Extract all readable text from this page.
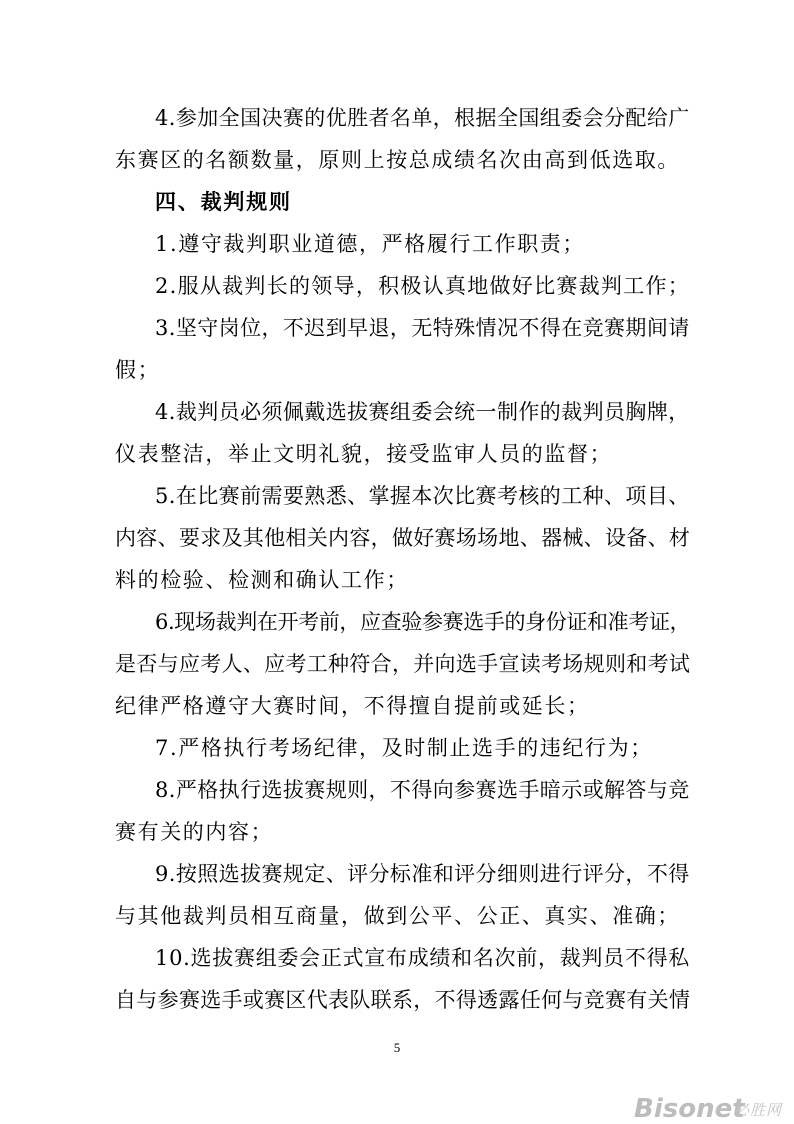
4.参加全国决赛的优胜者名单，根据全国组委会分配给广
东赛区的名额数量，原则上按总成绩名次由高到低选取。
四、裁判规则
1.遵守裁判职业道德，严格履行工作职责；
2.服从裁判长的领导，积极认真地做好比赛裁判工作；
3.坚守岗位，不迟到早退，无特殊情况不得在竞赛期间请
假；
4.裁判员必须佩戴选拔赛组委会统一制作的裁判员胸牌，
仪表整洁，举止文明礼貌，接受监审人员的监督；
5.在比赛前需要熟悉、掌握本次比赛考核的工种、项目、
内容、要求及其他相关内容，做好赛场场地、器械、设备、材
料的检验、检测和确认工作；
6.现场裁判在开考前，应查验参赛选手的身份证和准考证，
是否与应考人、应考工种符合，并向选手宣读考场规则和考试
纪律严格遵守大赛时间，不得擅自提前或延长；
7.严格执行考场纪律，及时制止选手的违纪行为；
8.严格执行选拔赛规则，不得向参赛选手暗示或解答与竞
赛有关的内容；
9.按照选拔赛规定、评分标准和评分细则进行评分，不得
与其他裁判员相互商量，做到公平、公正、真实、准确；
10.选拔赛组委会正式宣布成绩和名次前，裁判员不得私
自与参赛选手或赛区代表队联系，不得透露任何与竞赛有关情
5
Bisonet
必胜网
